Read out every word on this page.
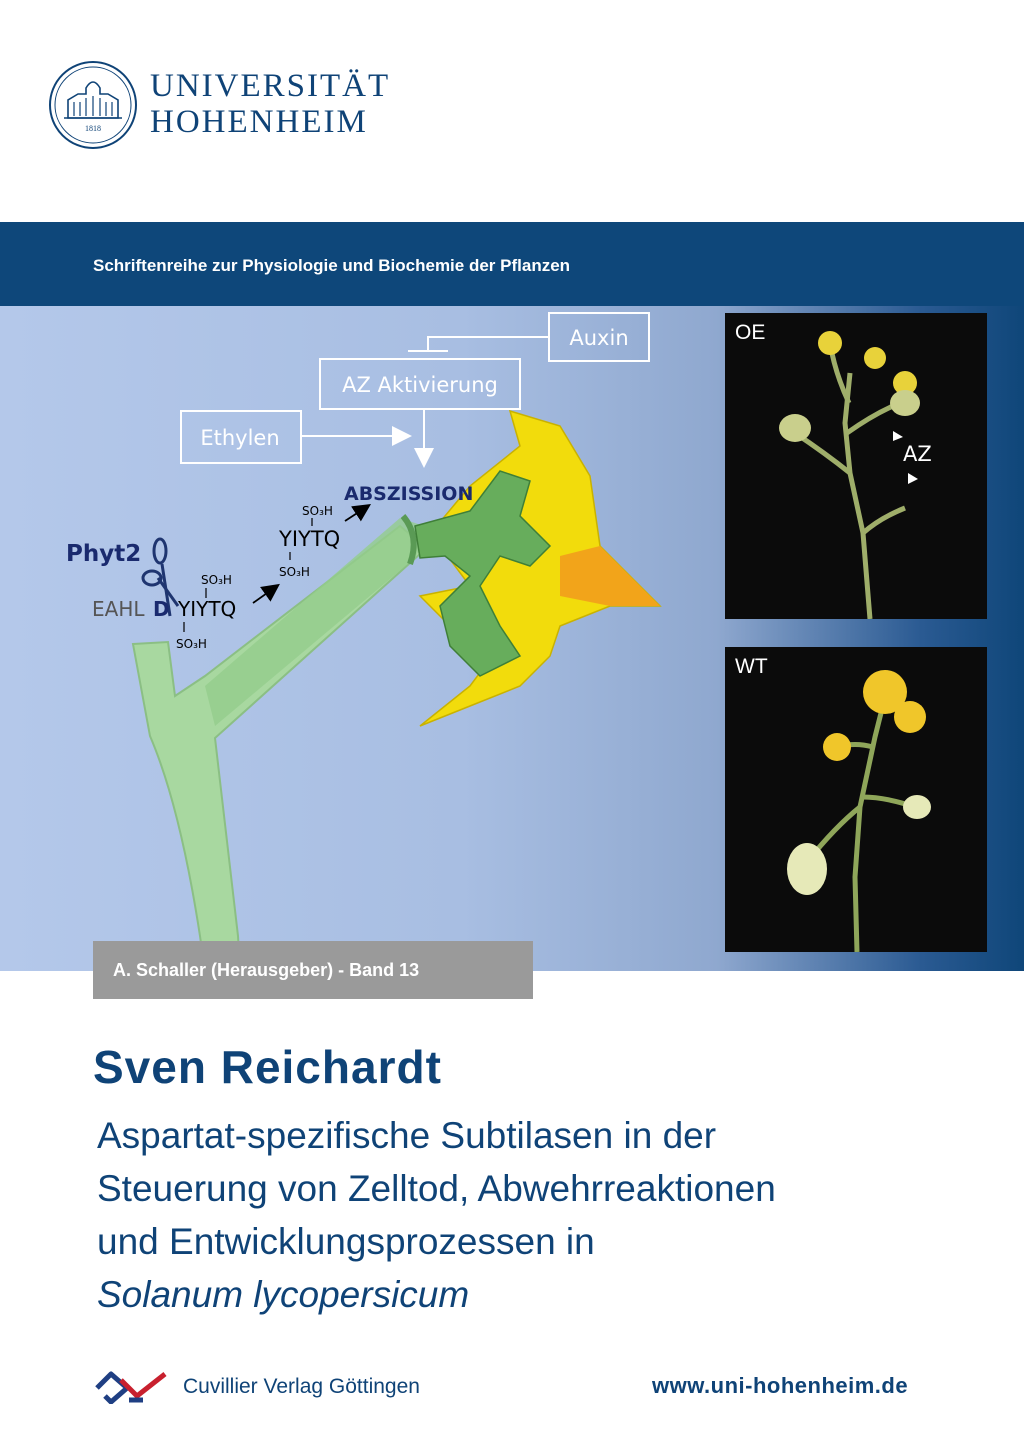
1818
UNIVERSITÄT
HOHENHEIM
Schriftenreihe zur Physiologie und Biochemie der Pflanzen
Auxin
AZ Aktivierung
Ethylen
ABSZISSION
SO₃H
YIYTQ
SO₃H
Phyt2
SO₃H
EAHL D YIYTQ
SO₃H
AZ
OE
WT
A. Schaller (Herausgeber) - Band 13
Sven Reichardt
Aspartat-spezifische Subtilasen in der
Steuerung von Zelltod, Abwehrreaktionen
und Entwicklungsprozessen in
Solanum lycopersicum
Cuvillier Verlag Göttingen	www.uni-hohenheim.de
